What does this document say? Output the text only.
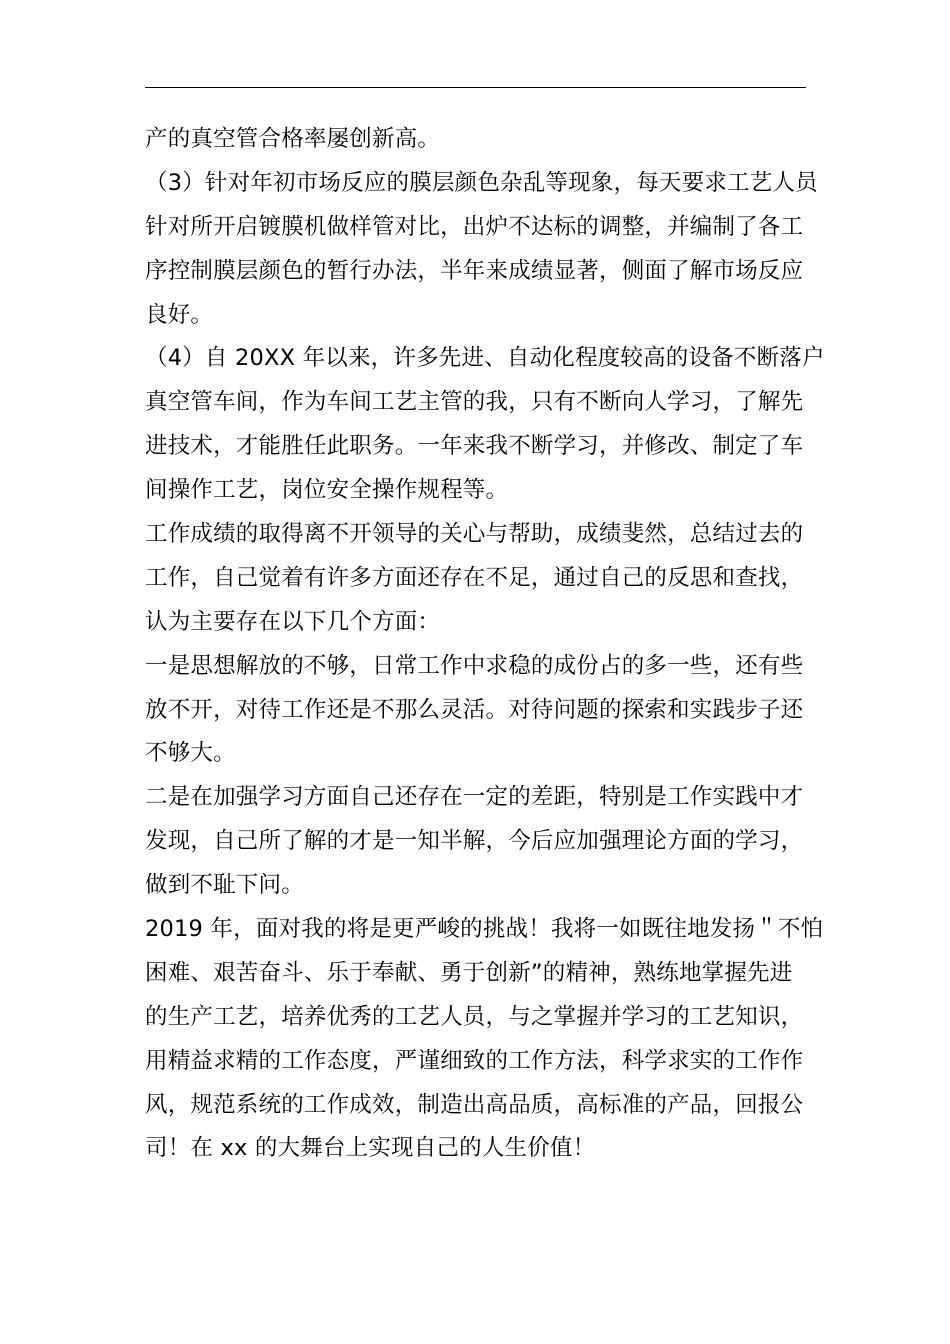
产的真空管合格率屡创新高。
（3）针对年初市场反应的膜层颜色杂乱等现象，每天要求工艺人员
针对所开启镀膜机做样管对比，出炉不达标的调整，并编制了各工
序控制膜层颜色的暂行办法，半年来成绩显著，侧面了解市场反应
良好。
（4）自 20XX 年以来，许多先进、自动化程度较高的设备不断落户
真空管车间，作为车间工艺主管的我，只有不断向人学习，了解先
进技术，才能胜任此职务。一年来我不断学习，并修改、制定了车
间操作工艺，岗位安全操作规程等。
工作成绩的取得离不开领导的关心与帮助，成绩斐然，总结过去的
工作，自己觉着有许多方面还存在不足，通过自己的反思和查找，
认为主要存在以下几个方面：
一是思想解放的不够，日常工作中求稳的成份占的多一些，还有些
放不开，对待工作还是不那么灵活。对待问题的探索和实践步子还
不够大。
二是在加强学习方面自己还存在一定的差距，特别是工作实践中才
发现，自己所了解的才是一知半解，今后应加强理论方面的学习，
做到不耻下问。
2019 年，面对我的将是更严峻的挑战！我将一如既往地发扬＂不怕
困难、艰苦奋斗、乐于奉献、勇于创新”的精神，熟练地掌握先进
的生产工艺，培养优秀的工艺人员，与之掌握并学习的工艺知识，
用精益求精的工作态度，严谨细致的工作方法，科学求实的工作作
风，规范系统的工作成效，制造出高品质，高标准的产品，回报公
司！在 xx 的大舞台上实现自己的人生价值！
